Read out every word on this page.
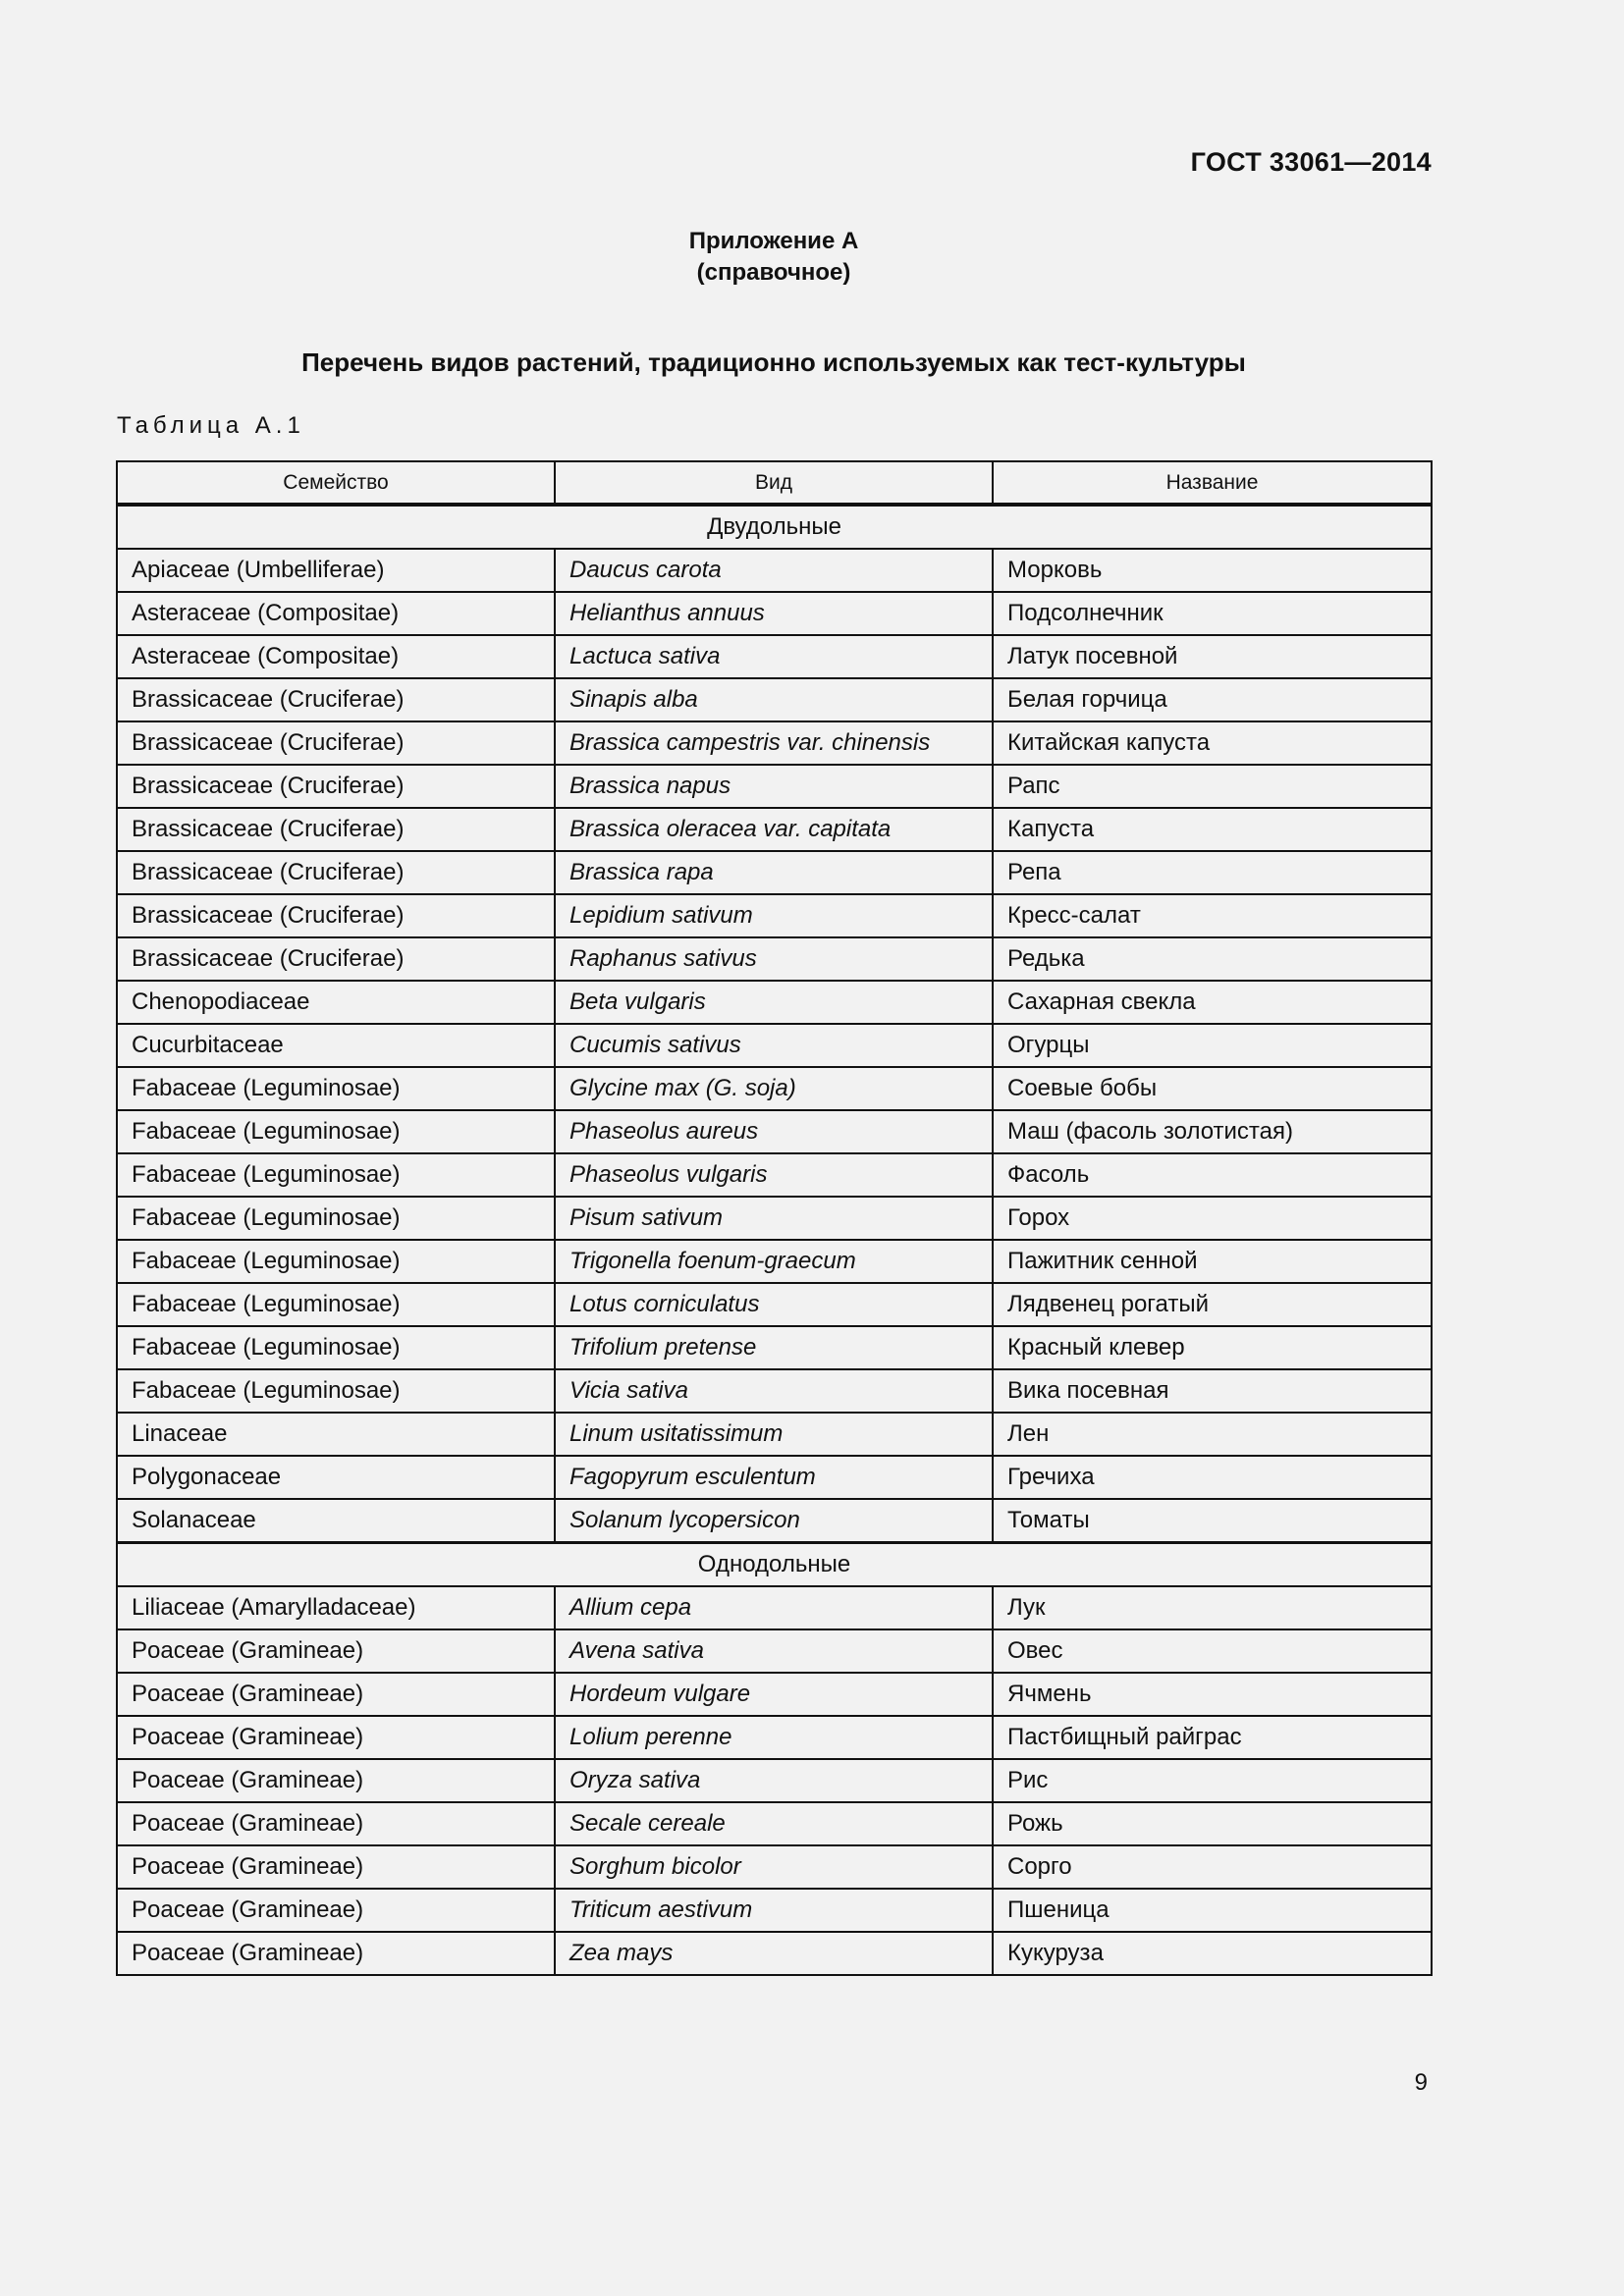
ГОСТ 33061—2014
Приложение А
(справочное)
Перечень видов растений, традиционно используемых как тест-культуры
Таблица А.1
Семейство	Вид	Название
Двудольные		
Apiaceae (Umbelliferae)	Daucus carota	Морковь
Asteraceae (Compositae)	Helianthus annuus	Подсолнечник
Asteraceae (Compositae)	Lactuca sativa	Латук посевной
Brassicaceae (Cruciferae)	Sinapis alba	Белая горчица
Brassicaceae (Cruciferae)	Brassica campestris var. chinensis	Китайская капуста
Brassicaceae (Cruciferae)	Brassica napus	Рапс
Brassicaceae (Cruciferae)	Brassica oleracea var. capitata	Капуста
Brassicaceae (Cruciferae)	Brassica rapa	Репа
Brassicaceae (Cruciferae)	Lepidium sativum	Кресс-салат
Brassicaceae (Cruciferae)	Raphanus sativus	Редька
Chenopodiaceae	Beta vulgaris	Сахарная свекла
Cucurbitaceae	Cucumis sativus	Огурцы
Fabaceae (Leguminosae)	Glycine max (G. soja)	Соевые бобы
Fabaceae (Leguminosae)	Phaseolus aureus	Маш (фасоль золотистая)
Fabaceae (Leguminosae)	Phaseolus vulgaris	Фасоль
Fabaceae (Leguminosae)	Pisum sativum	Горох
Fabaceae (Leguminosae)	Trigonella foenum-graecum	Пажитник сенной
Fabaceae (Leguminosae)	Lotus corniculatus	Лядвенец рогатый
Fabaceae (Leguminosae)	Trifolium pretense	Красный клевер
Fabaceae (Leguminosae)	Vicia sativa	Вика посевная
Linaceae	Linum usitatissimum	Лен
Polygonaceae	Fagopyrum esculentum	Гречиха
Solanaceae	Solanum lycopersicon	Томаты
Однодольные		
Liliaceae (Amarylladaceae)	Allium cepa	Лук
Poaceae (Gramineae)	Avena sativa	Овес
Poaceae (Gramineae)	Hordeum vulgare	Ячмень
Poaceae (Gramineae)	Lolium perenne	Пастбищный райграс
Poaceae (Gramineae)	Oryza sativa	Рис
Poaceae (Gramineae)	Secale cereale	Рожь
Poaceae (Gramineae)	Sorghum bicolor	Сорго
Poaceae (Gramineae)	Triticum aestivum	Пшеница
Poaceae (Gramineae)	Zea mays	Кукуруза
9
